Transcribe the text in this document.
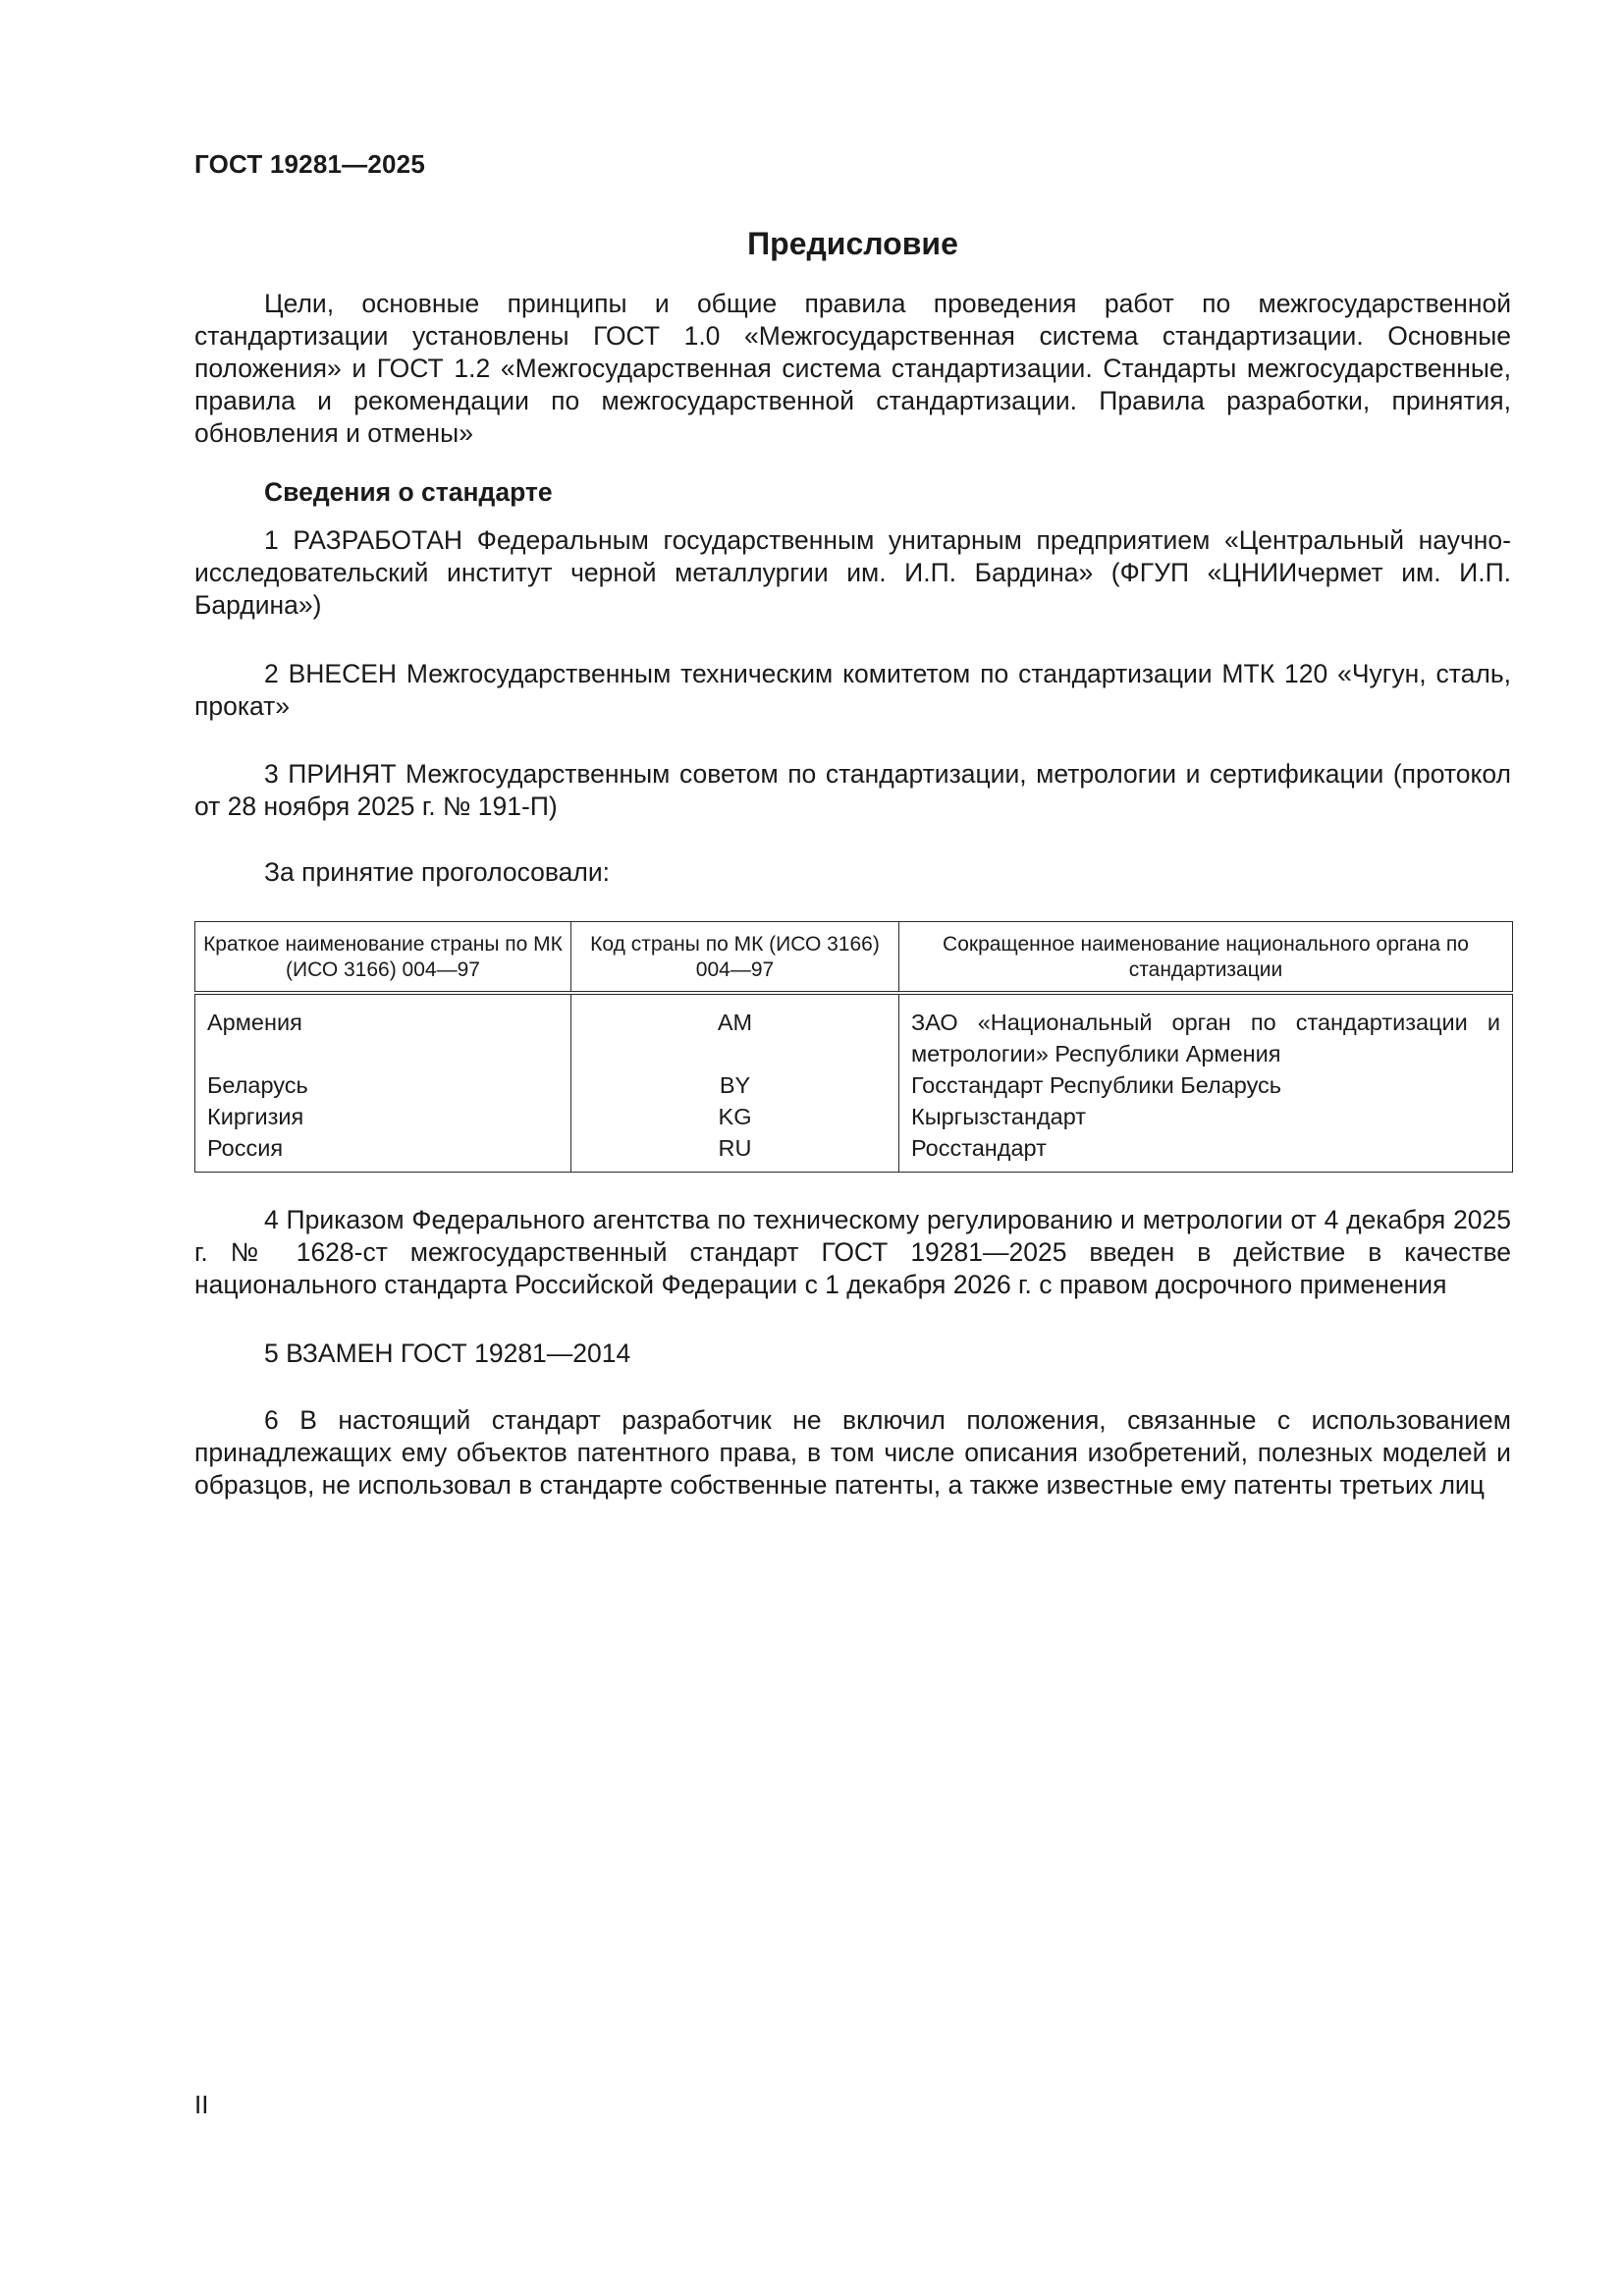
ГОСТ 19281—2025
Предисловие

Цели, основные принципы и общие правила проведения работ по межгосударственной стандартизации установлены ГОСТ 1.0 «Межгосударственная система стандартизации. Основные положения» и ГОСТ 1.2 «Межгосударственная система стандартизации. Стандарты межгосударственные, правила и рекомендации по межгосударственной стандартизации. Правила разработки, принятия, обновления и отмены»

Сведения о стандарте

1 РАЗРАБОТАН Федеральным государственным унитарным предприятием «Центральный научно-исследовательский институт черной металлургии им. И.П. Бардина» (ФГУП «ЦНИИчермет им. И.П. Бардина»)

2 ВНЕСЕН Межгосударственным техническим комитетом по стандартизации МТК 120 «Чугун, сталь, прокат»

3 ПРИНЯТ Межгосударственным советом по стандартизации, метрологии и сертификации (протокол от 28 ноября 2025 г. № 191-П)

За принятие проголосовали:

Краткое наименование страны по МК (ИСО 3166) 004—97	Код страны по МК (ИСО 3166) 004—97	Сокращенное наименование национального органа по стандартизации
Армения	AM	ЗАО «Национальный орган по стандартизации и метрологии» Республики Армения
Беларусь	BY	Госстандарт Республики Беларусь
Киргизия	KG	Кыргызстандарт
Россия	RU	Росстандарт

4 Приказом Федерального агентства по техническому регулированию и метрологии от 4 декабря 2025 г. № 1628-ст межгосударственный стандарт ГОСТ 19281—2025 введен в действие в качестве национального стандарта Российской Федерации с 1 декабря 2026 г. с правом досрочного применения

5 ВЗАМЕН ГОСТ 19281—2014

6 В настоящий стандарт разработчик не включил положения, связанные с использованием принадлежащих ему объектов патентного права, в том числе описания изобретений, полезных моделей и образцов, не использовал в стандарте собственные патенты, а также известные ему патенты третьих лиц

II
